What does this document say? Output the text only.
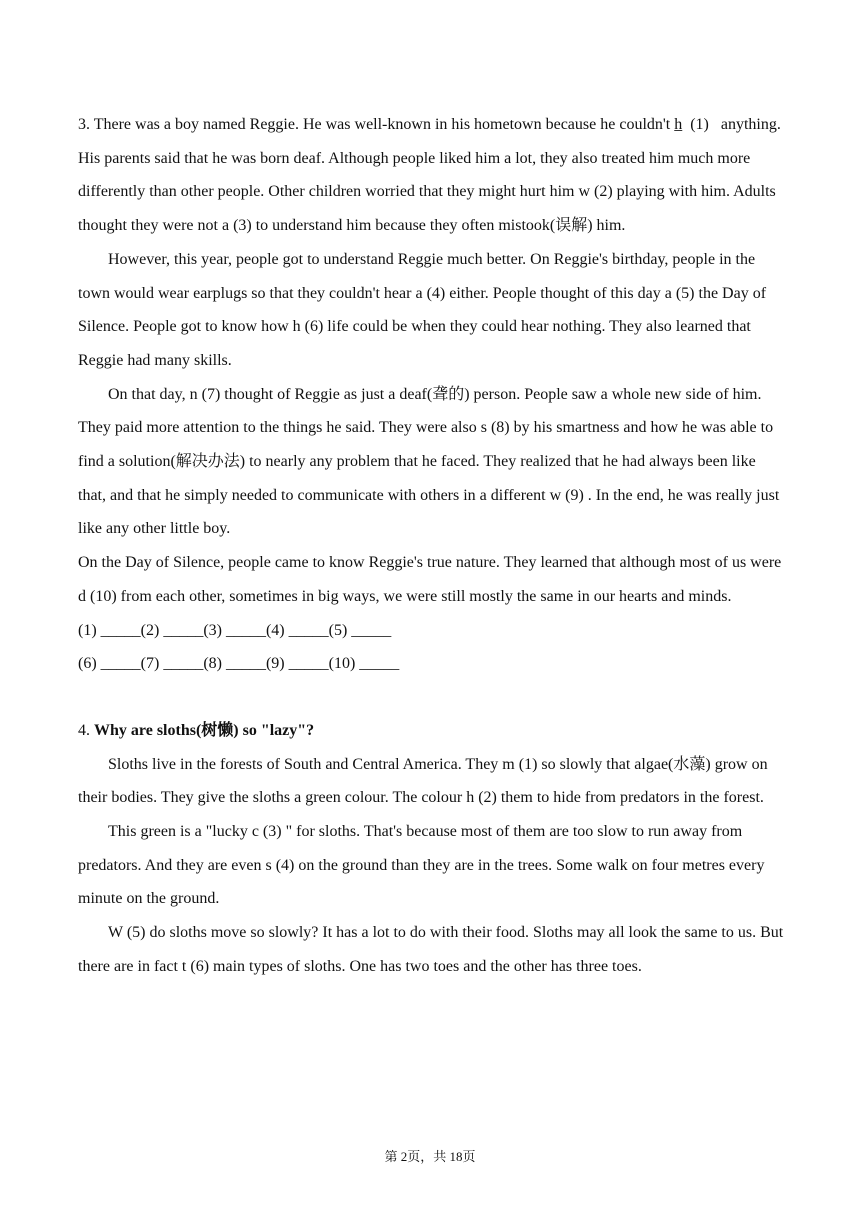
3. There was a boy named Reggie. He was well-known in his hometown because he couldn't h̲ (1)  anything. His parents said that he was born deaf. Although people liked him a lot, they also treated him much more differently than other people. Other children worried that they might hurt him w (2) playing with him. Adults thought they were not a (3) to understand him because they often mistook(误解) him.

However, this year, people got to understand Reggie much better. On Reggie's birthday, people in the town would wear earplugs so that they couldn't hear a (4) either. People thought of this day a (5) the Day of Silence. People got to know how h (6) life could be when they could hear nothing. They also learned that Reggie had many skills.

On that day, n (7) thought of Reggie as just a deaf(聋的) person. People saw a whole new side of him. They paid more attention to the things he said. They were also s (8) by his smartness and how he was able to find a solution(解决办法) to nearly any problem that he faced. They realized that he had always been like that, and that he simply needed to communicate with others in a different w (9) . In the end, he was really just like any other little boy.

On the Day of Silence, people came to know Reggie's true nature. They learned that although most of us were d (10) from each other, sometimes in big ways, we were still mostly the same in our hearts and minds.

(1) _____(2) _____(3) _____(4) _____(5) _____

(6) _____(7) _____(8) _____(9) _____(10) _____

4. Why are sloths(树懒) so "lazy"?

Sloths live in the forests of South and Central America. They m (1) so slowly that algae(水藻) grow on their bodies. They give the sloths a green colour. The colour h (2) them to hide from predators in the forest.

This green is a "lucky c (3) " for sloths. That's because most of them are too slow to run away from predators. And they are even s (4) on the ground than they are in the trees. Some walk on four metres every minute on the ground.

W (5) do sloths move so slowly? It has a lot to do with their food. Sloths may all look the same to us. But there are in fact t (6) main types of sloths. One has two toes and the other has three toes.

第 2页，共 18页
